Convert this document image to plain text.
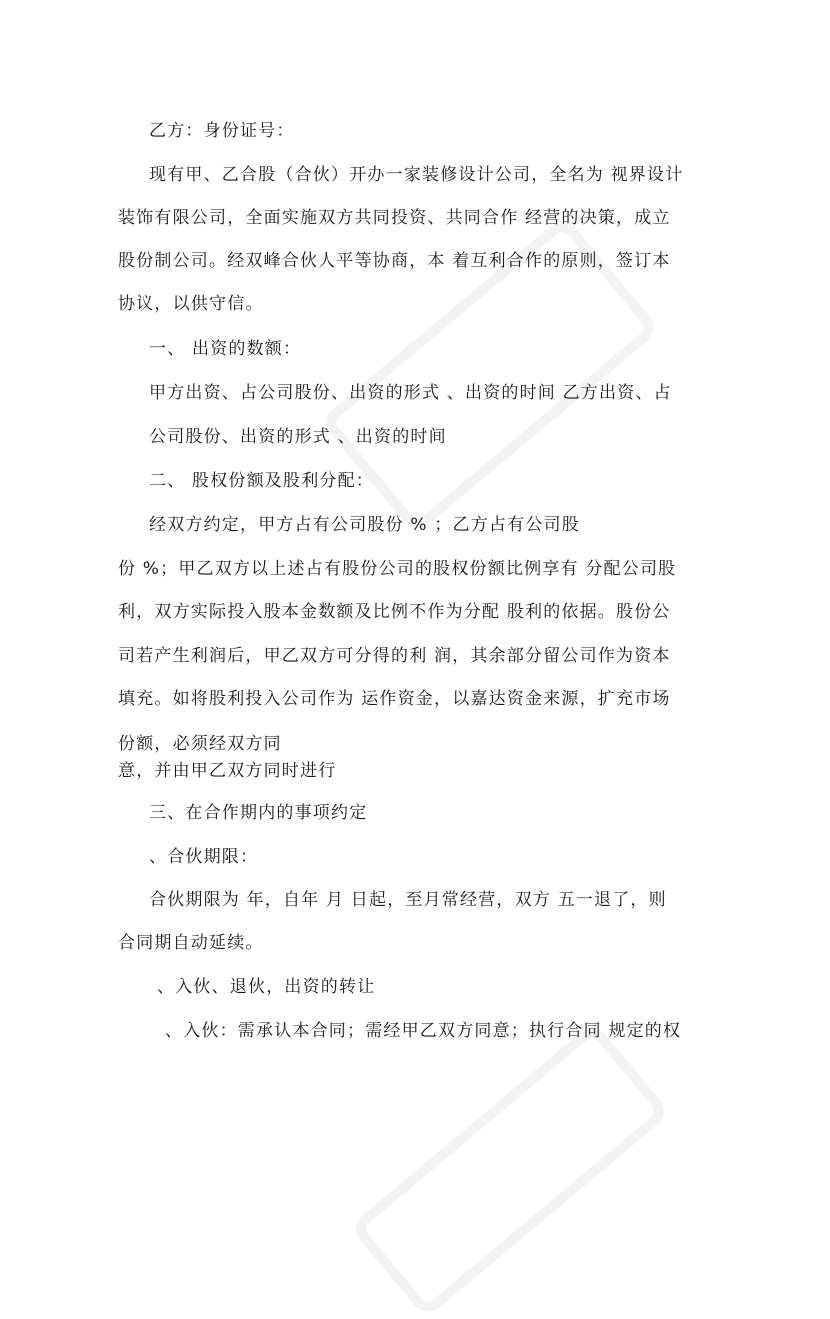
乙方：身份证号：
现有甲、乙合股（合伙）开办一家装修设计公司，全名为 视界设计
装饰有限公司，全面实施双方共同投资、共同合作 经营的决策，成立
股份制公司。经双峰合伙人平等协商，本 着互利合作的原则，签订本
协议，以供守信。
一、 出资的数额：
甲方出资、占公司股份、出资的形式 、出资的时间 乙方出资、占
公司股份、出资的形式 、出资的时间
二、 股权份额及股利分配：
经双方约定，甲方占有公司股份 % ；乙方占有公司股
份 %；甲乙双方以上述占有股份公司的股权份额比例享有 分配公司股
利，双方实际投入股本金数额及比例不作为分配 股利的依据。股份公
司若产生利润后，甲乙双方可分得的利 润，其余部分留公司作为资本
填充。如将股利投入公司作为 运作资金，以嘉达资金来源，扩充市场
份额，必须经双方同
意，并由甲乙双方同时进行
三、在合作期内的事项约定
、合伙期限：
合伙期限为 年，自年 月 日起，至月常经营，双方 五一退了，则
合同期自动延续。
、入伙、退伙，出资的转让
、入伙：需承认本合同；需经甲乙双方同意；执行合同 规定的权
